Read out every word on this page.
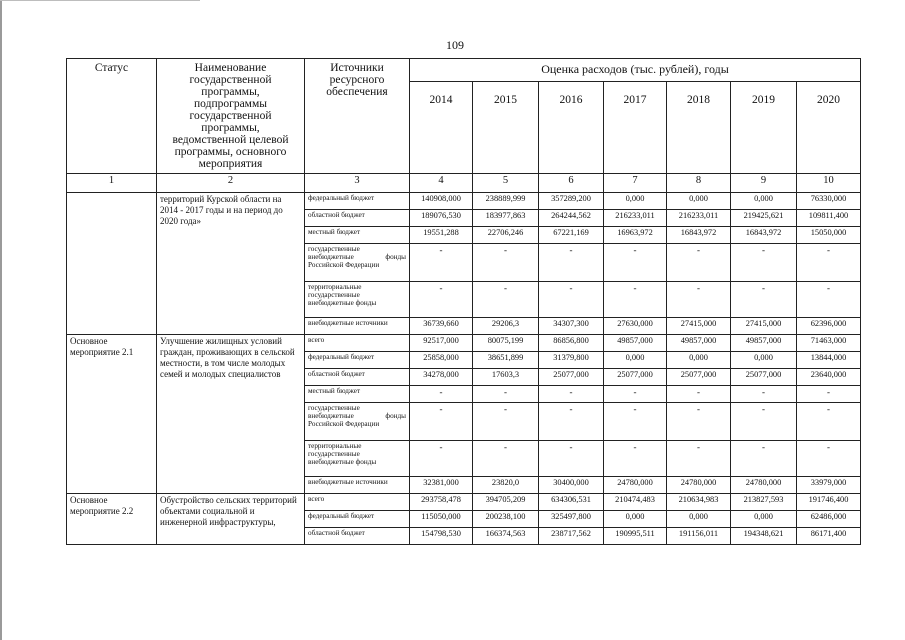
109
Статус	Наименование государственной программы, подпрограммы государственной программы, ведомственной целевой программы, основного мероприятия	Источники ресурсного обеспечения	Оценка расходов (тыс. рублей), годы						
			2014	2015	2016	2017	2018	2019	2020
1	2	3	4	5	6	7	8	9	10
	территорий Курской области на 2014 - 2017 годы и на период до 2020 года»	федеральный бюджет	140908,000	238889,999	357289,200	0,000	0,000	0,000	76330,000
		областной бюджет	189076,530	183977,863	264244,562	216233,011	216233,011	219425,621	109811,400
		местный бюджет	19551,288	22706,246	67221,169	16963,972	16843,972	16843,972	15050,000
		государственные внебюджетные фонды Российской Федерации	-	-	-	-	-	-	-
		территориальные государственные внебюджетные фонды	-	-	-	-	-	-	-
		внебюджетные источники	36739,660	29206,3	34307,300	27630,000	27415,000	27415,000	62396,000
Основное мероприятие 2.1	Улучшение жилищных условий граждан, проживающих в сельской местности, в том числе молодых семей и молодых специалистов	всего	92517,000	80075,199	86856,800	49857,000	49857,000	49857,000	71463,000
		федеральный бюджет	25858,000	38651,899	31379,800	0,000	0,000	0,000	13844,000
		областной бюджет	34278,000	17603,3	25077,000	25077,000	25077,000	25077,000	23640,000
		местный бюджет	-	-	-	-	-	-	-
		государственные внебюджетные фонды Российской Федерации	-	-	-	-	-	-	-
		территориальные государственные внебюджетные фонды	-	-	-	-	-	-	-
		внебюджетные источники	32381,000	23820,0	30400,000	24780,000	24780,000	24780,000	33979,000
Основное мероприятие 2.2	Обустройство сельских территорий объектами социальной и инженерной инфраструктуры,	всего	293758,478	394705,209	634306,531	210474,483	210634,983	213827,593	191746,400
		федеральный бюджет	115050,000	200238,100	325497,800	0,000	0,000	0,000	62486,000
		областной бюджет	154798,530	166374,563	238717,562	190995,511	191156,011	194348,621	86171,400
